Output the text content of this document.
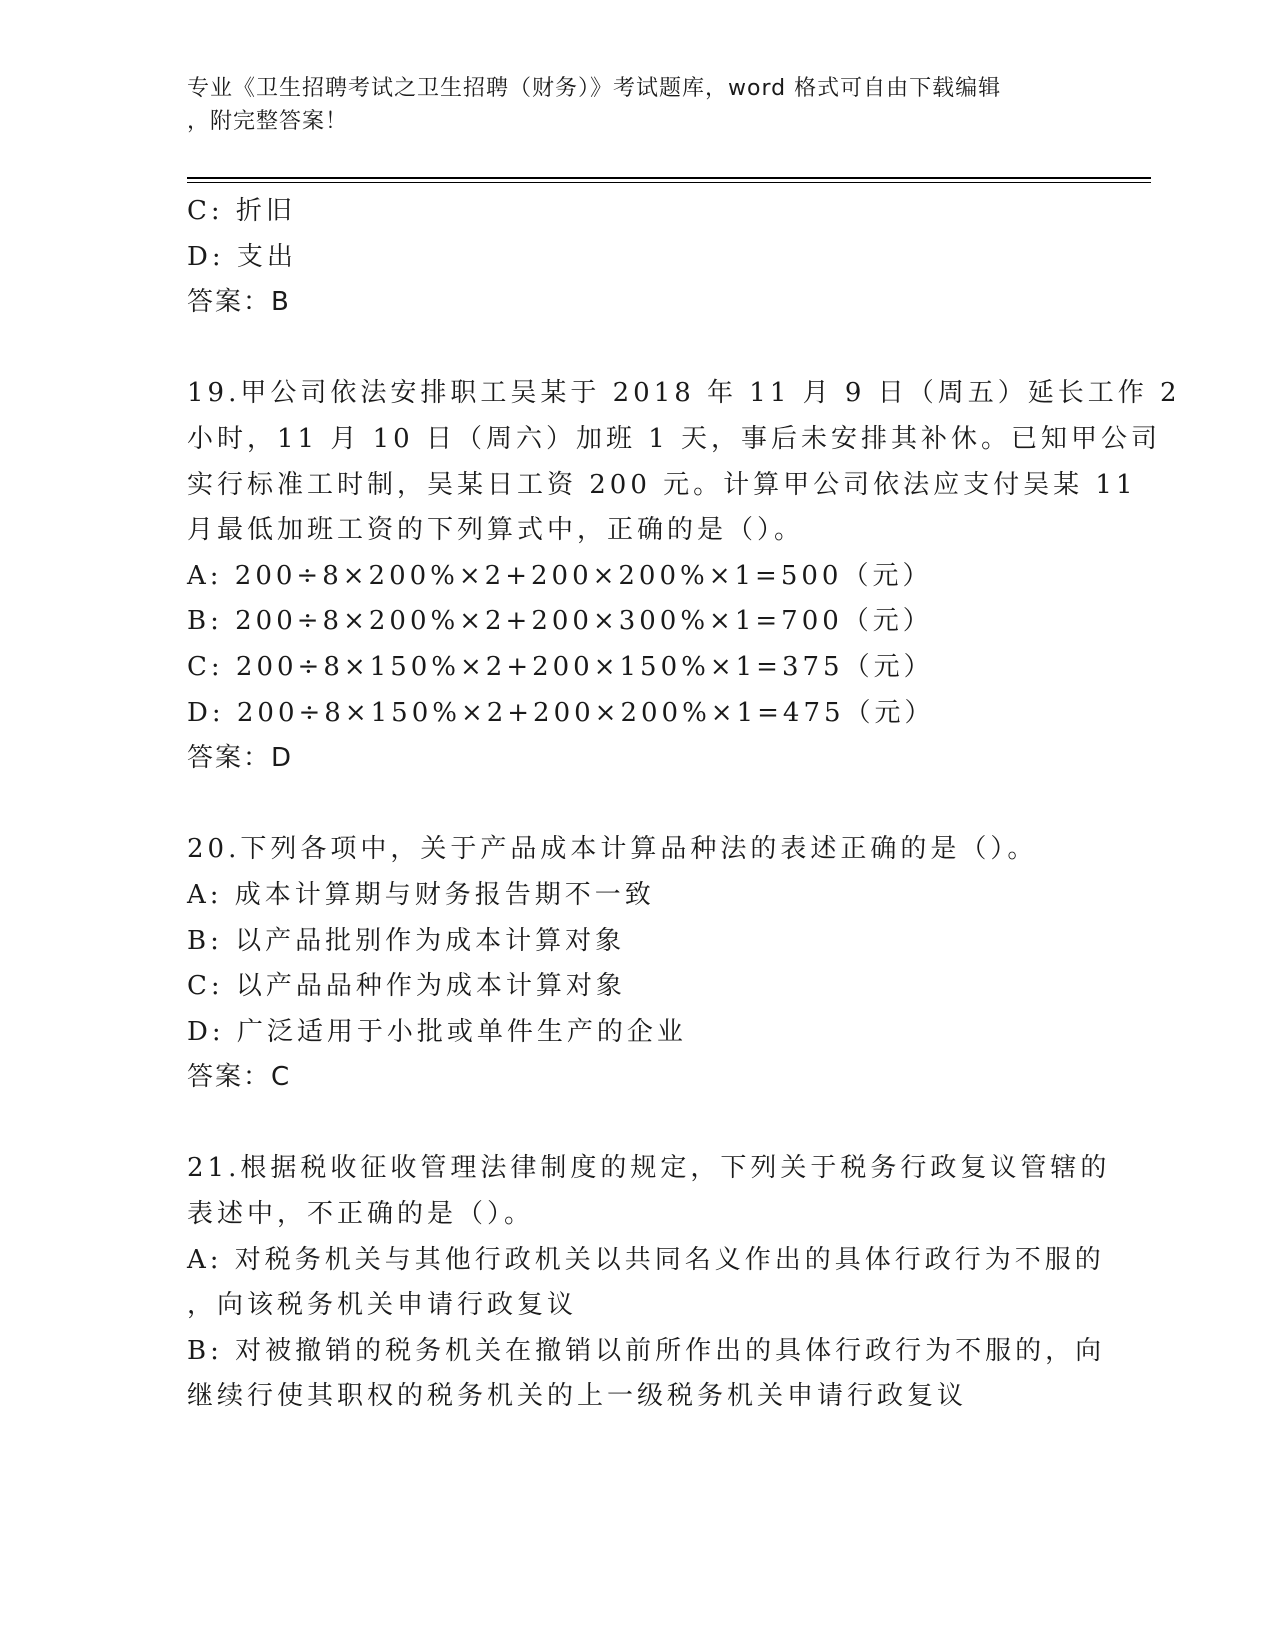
专业《卫生招聘考试之卫生招聘（财务）》考试题库，word 格式可自由下载编辑
，附完整答案！
C: 折旧
D: 支出
答案：B
19.甲公司依法安排职工吴某于 2018 年 11 月 9 日（周五）延长工作 2
小时，11 月 10 日（周六）加班 1 天，事后未安排其补休。已知甲公司
实行标准工时制，吴某日工资 200 元。计算甲公司依法应支付吴某 11
月最低加班工资的下列算式中，正确的是（）。
A: 200÷8×200%×2+200×200%×1=500（元）
B: 200÷8×200%×2+200×300%×1=700（元）
C: 200÷8×150%×2+200×150%×1=375（元）
D: 200÷8×150%×2+200×200%×1=475（元）
答案：D
20.下列各项中，关于产品成本计算品种法的表述正确的是（）。
A: 成本计算期与财务报告期不一致
B: 以产品批别作为成本计算对象
C: 以产品品种作为成本计算对象
D: 广泛适用于小批或单件生产的企业
答案：C
21.根据税收征收管理法律制度的规定，下列关于税务行政复议管辖的
表述中，不正确的是（）。
A: 对税务机关与其他行政机关以共同名义作出的具体行政行为不服的
，向该税务机关申请行政复议
B: 对被撤销的税务机关在撤销以前所作出的具体行政行为不服的，向
继续行使其职权的税务机关的上一级税务机关申请行政复议
